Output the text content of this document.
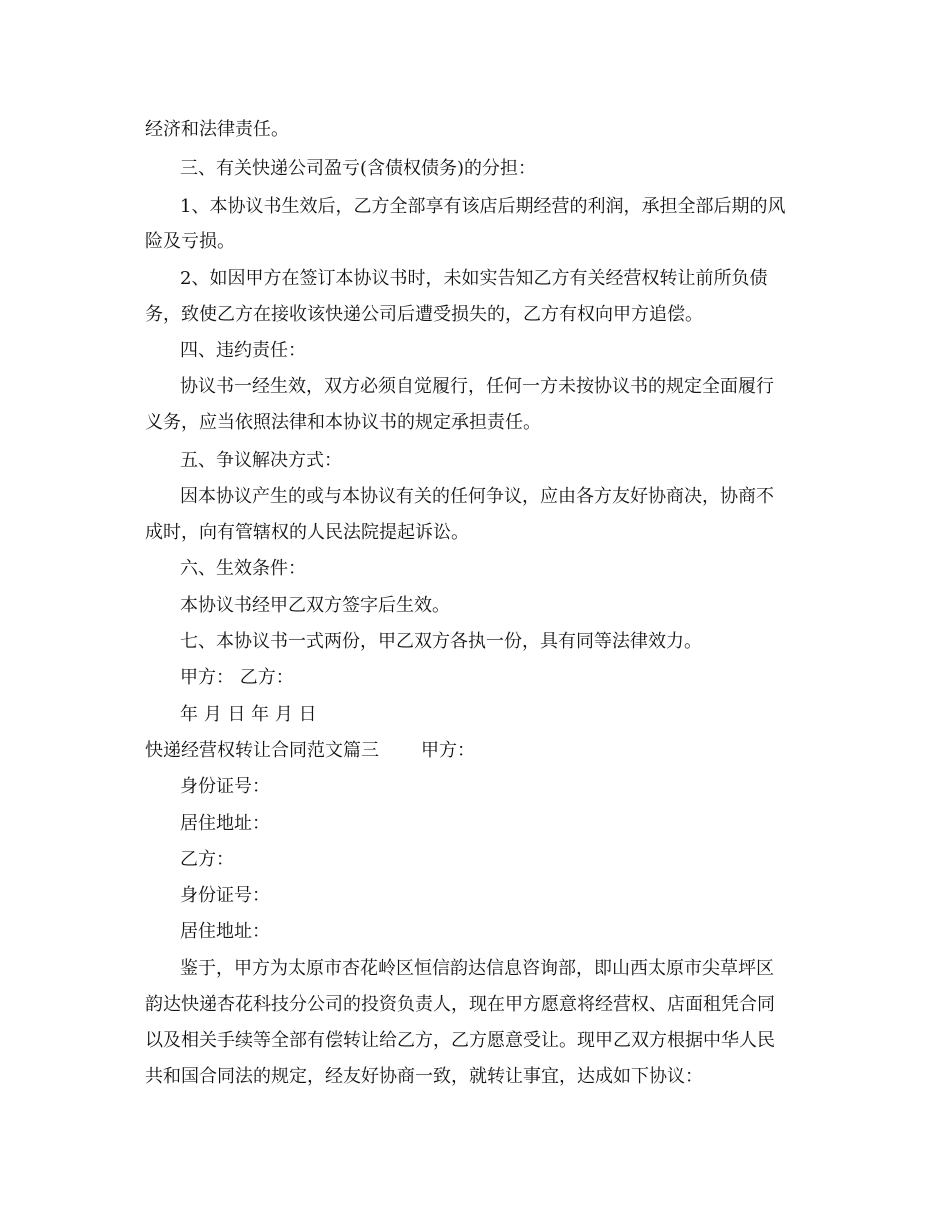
经济和法律责任。

三、有关快递公司盈亏(含债权债务)的分担：

1、本协议书生效后，乙方全部享有该店后期经营的利润，承担全部后期的风

险及亏损。

2、如因甲方在签订本协议书时，未如实告知乙方有关经营权转让前所负债

务，致使乙方在接收该快递公司后遭受损失的，乙方有权向甲方追偿。

四、违约责任：

协议书一经生效，双方必须自觉履行，任何一方未按协议书的规定全面履行

义务，应当依照法律和本协议书的规定承担责任。

五、争议解决方式：

因本协议产生的或与本协议有关的任何争议，应由各方友好协商决，协商不

成时，向有管辖权的人民法院提起诉讼。

六、生效条件：

本协议书经甲乙双方签字后生效。

七、本协议书一式两份，甲乙双方各执一份，具有同等法律效力。

甲方： 乙方：

年 月 日 年 月 日

快递经营权转让合同范文篇三 甲方：

身份证号：

居住地址：

乙方：

身份证号：

居住地址：

鉴于，甲方为太原市杏花岭区恒信韵达信息咨询部，即山西太原市尖草坪区

韵达快递杏花科技分公司的投资负责人，现在甲方愿意将经营权、店面租凭合同

以及相关手续等全部有偿转让给乙方，乙方愿意受让。现甲乙双方根据中华人民

共和国合同法的规定，经友好协商一致，就转让事宜，达成如下协议：
